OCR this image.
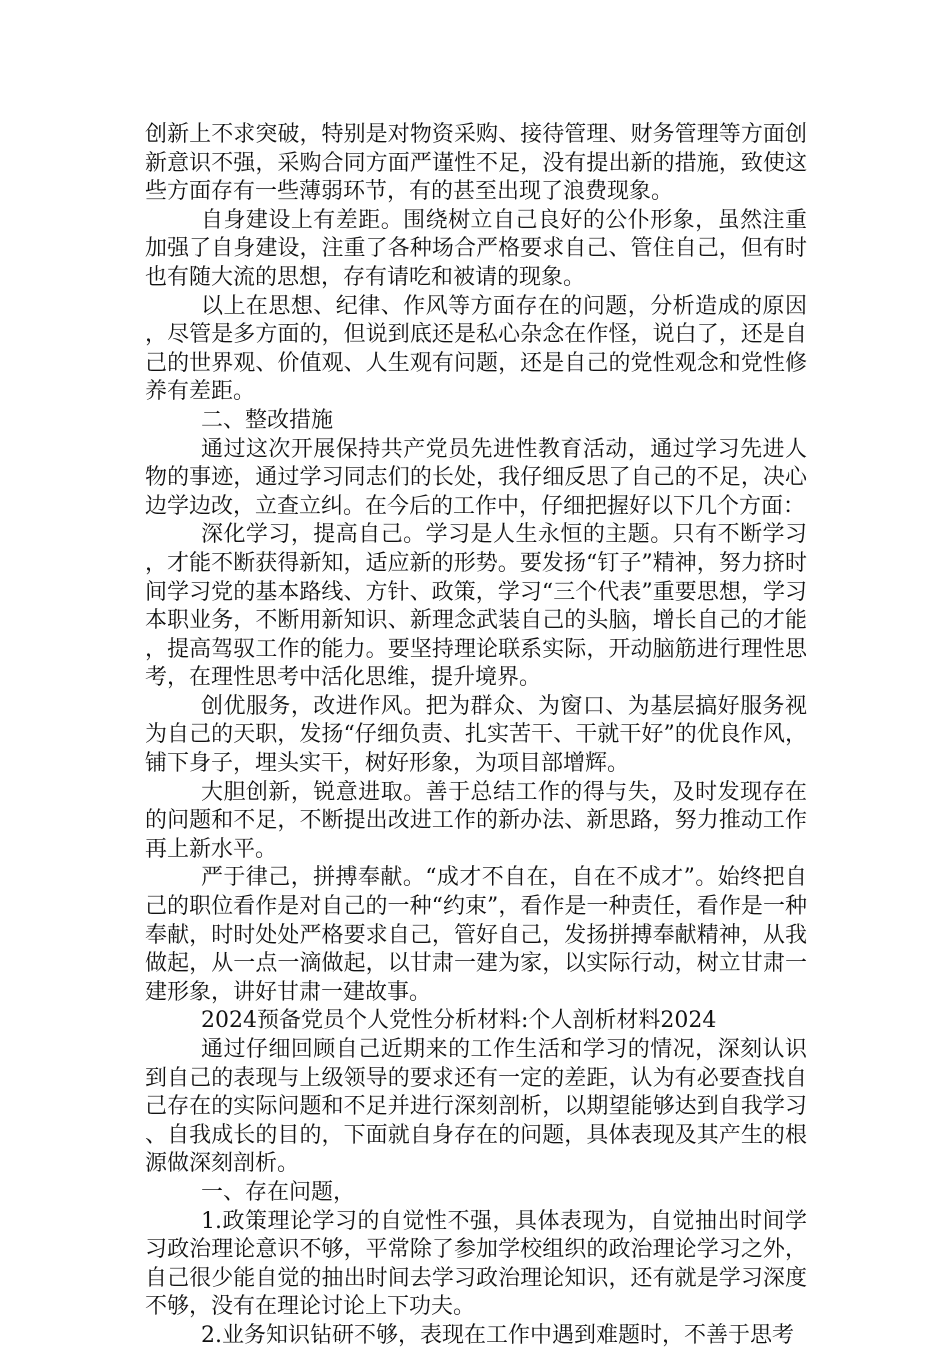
创新上不求突破，特别是对物资采购、接待管理、财务管理等方面创新意识不强，采购合同方面严谨性不足，没有提出新的措施，致使这些方面存有一些薄弱环节，有的甚至出现了浪费现象。

自身建设上有差距。围绕树立自己良好的公仆形象，虽然注重加强了自身建设，注重了各种场合严格要求自己、管住自己，但有时也有随大流的思想，存有请吃和被请的现象。

以上在思想、纪律、作风等方面存在的问题，分析造成的原因，尽管是多方面的，但说到底还是私心杂念在作怪，说白了，还是自己的世界观、价值观、人生观有问题，还是自己的党性观念和党性修养有差距。

二、整改措施

通过这次开展保持共产党员先进性教育活动，通过学习先进人物的事迹，通过学习同志们的长处，我仔细反思了自己的不足，决心边学边改，立查立纠。在今后的工作中，仔细把握好以下几个方面：

深化学习，提高自己。学习是人生永恒的主题。只有不断学习，才能不断获得新知，适应新的形势。要发扬“钉子”精神，努力挤时间学习党的基本路线、方针、政策，学习“三个代表”重要思想，学习本职业务，不断用新知识、新理念武装自己的头脑，增长自己的才能，提高驾驭工作的能力。要坚持理论联系实际，开动脑筋进行理性思考，在理性思考中活化思维，提升境界。

创优服务，改进作风。把为群众、为窗口、为基层搞好服务视为自己的天职，发扬“仔细负责、扎实苦干、干就干好”的优良作风，铺下身子，埋头实干，树好形象，为项目部增辉。

大胆创新，锐意进取。善于总结工作的得与失，及时发现存在的问题和不足，不断提出改进工作的新办法、新思路，努力推动工作再上新水平。

严于律己，拼搏奉献。“成才不自在，自在不成才”。始终把自己的职位看作是对自己的一种“约束”，看作是一种责任，看作是一种奉献，时时处处严格要求自己，管好自己，发扬拼搏奉献精神，从我做起，从一点一滴做起，以甘肃一建为家，以实际行动，树立甘肃一建形象，讲好甘肃一建故事。

2024预备党员个人党性分析材料:个人剖析材料2024

通过仔细回顾自己近期来的工作生活和学习的情况，深刻认识到自己的表现与上级领导的要求还有一定的差距，认为有必要查找自己存在的实际问题和不足并进行深刻剖析，以期望能够达到自我学习、自我成长的目的，下面就自身存在的问题，具体表现及其产生的根源做深刻剖析。

一、存在问题，

1.政策理论学习的自觉性不强，具体表现为，自觉抽出时间学习政治理论意识不够，平常除了参加学校组织的政治理论学习之外，自己很少能自觉的抽出时间去学习政治理论知识，还有就是学习深度不够，没有在理论讨论上下功夫。

2.业务知识钻研不够，表现在工作中遇到难题时，不善于思考
